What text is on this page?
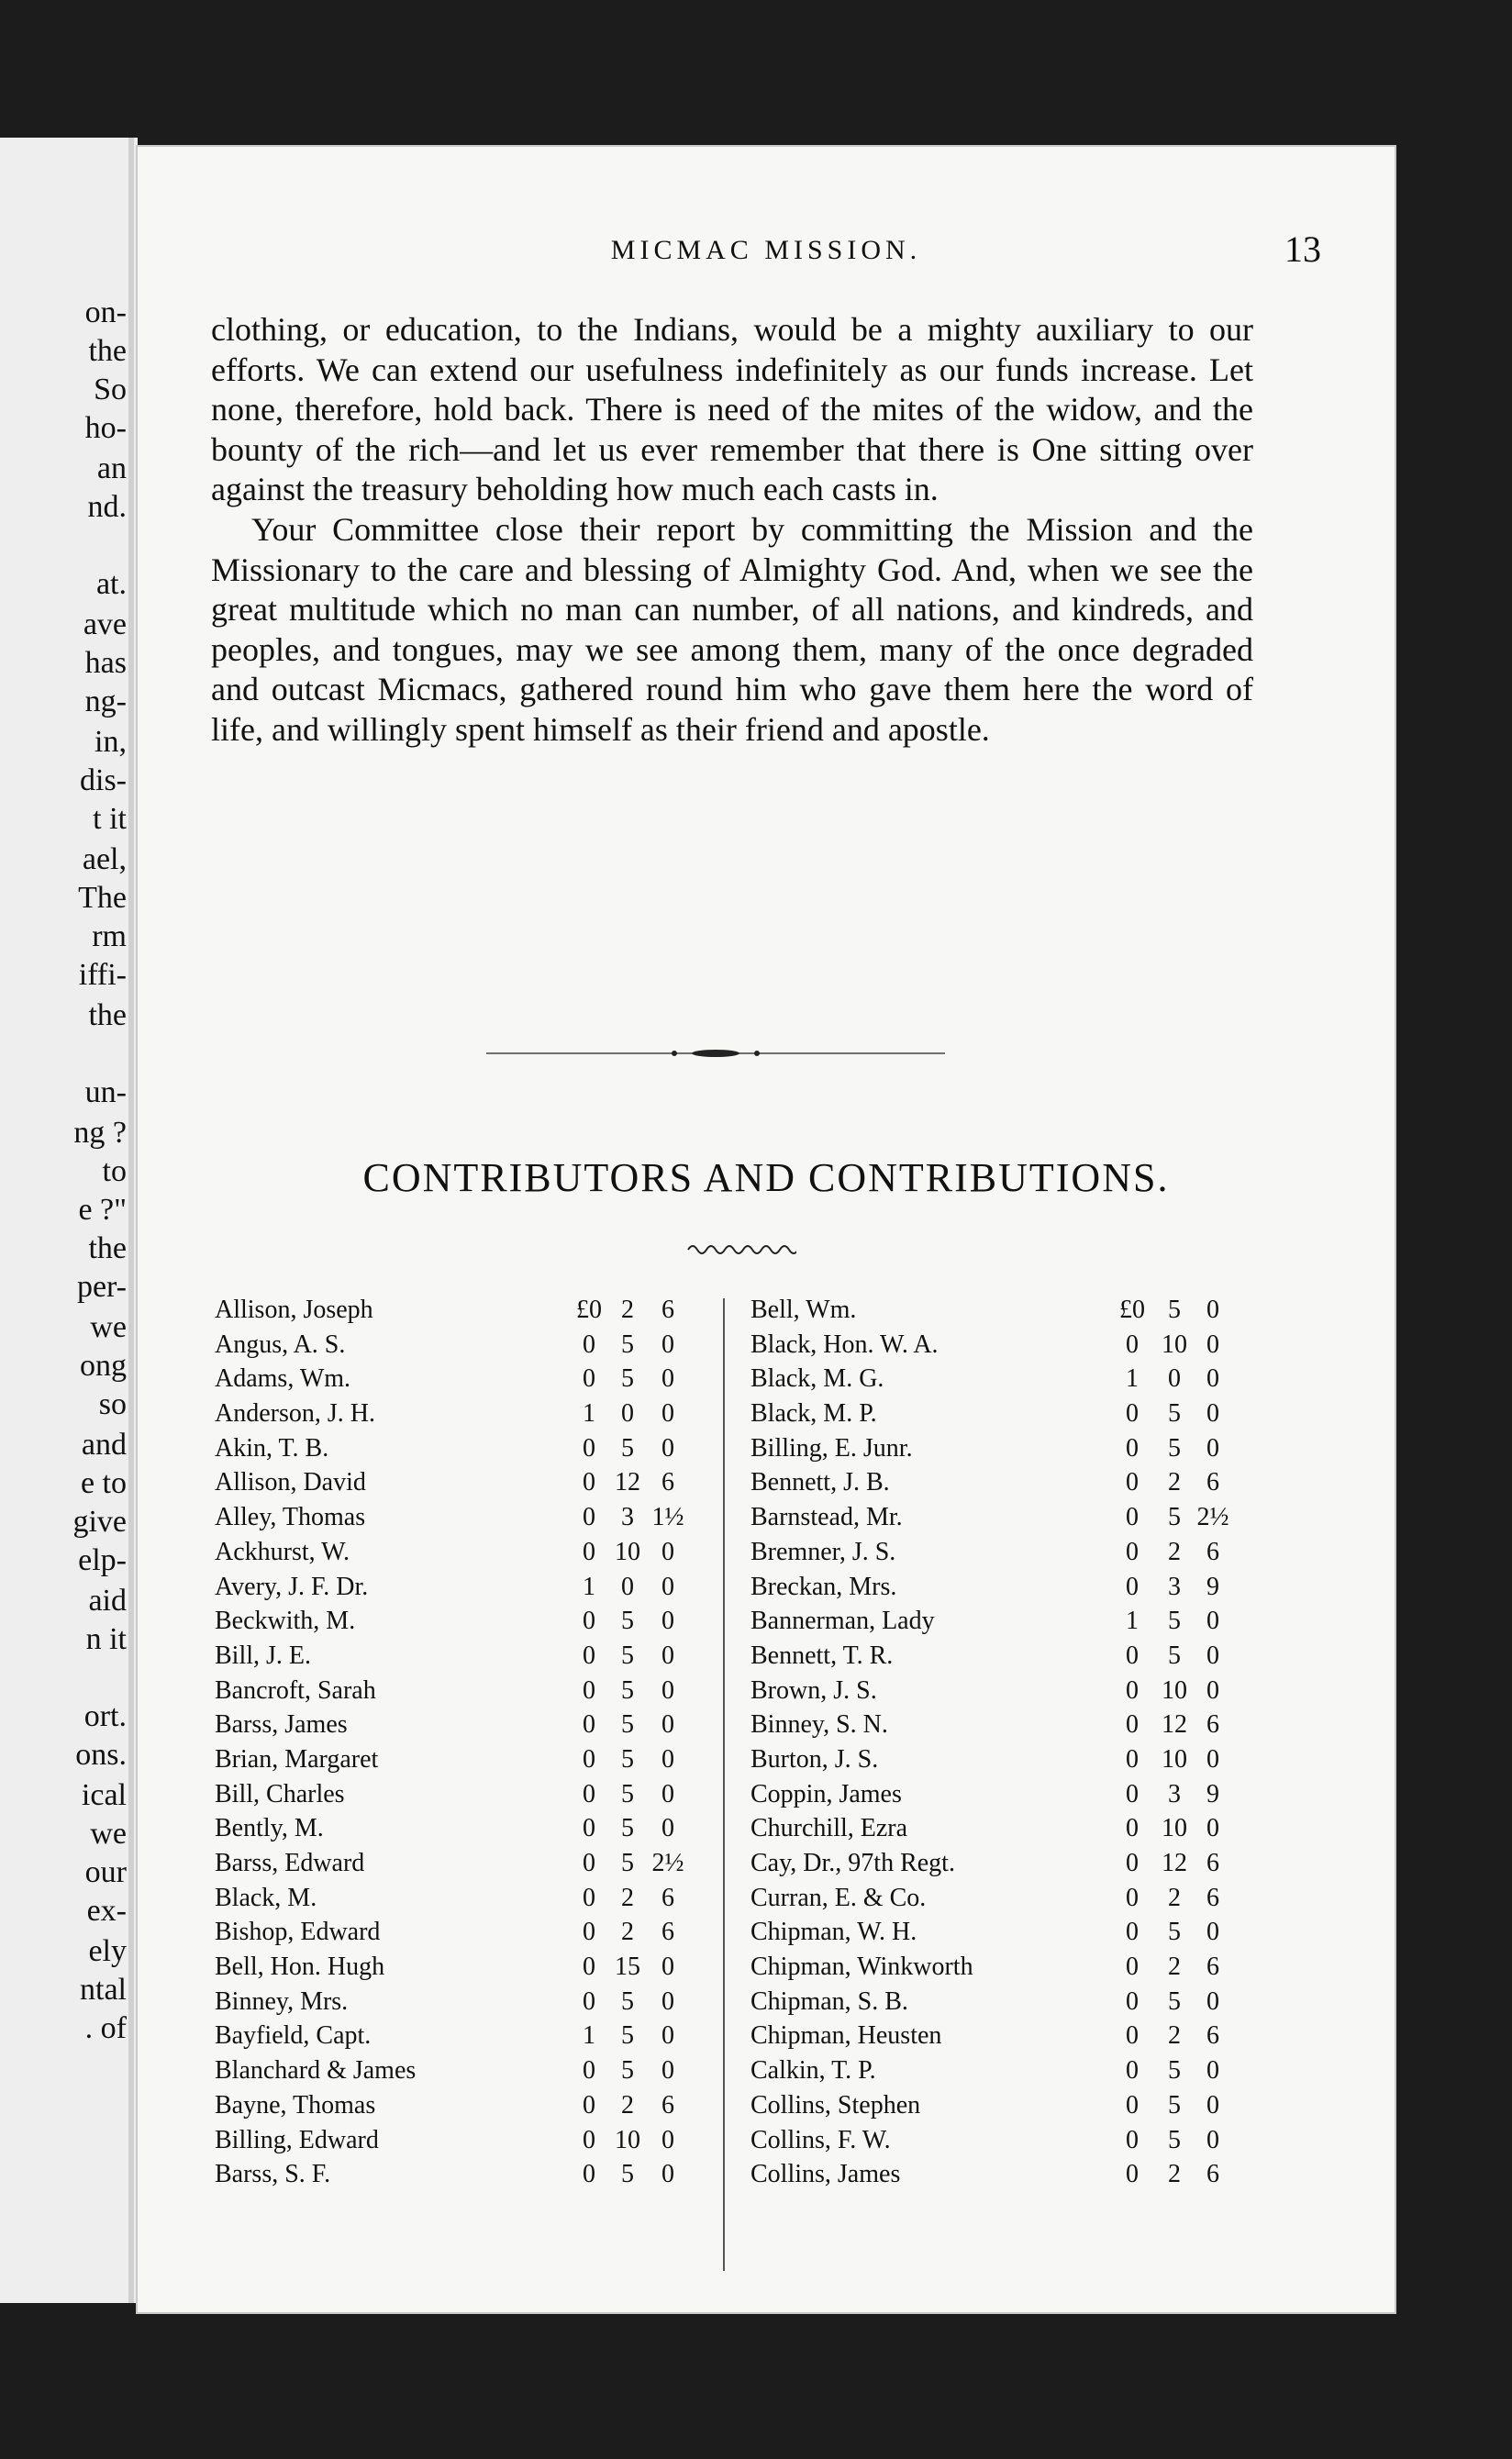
on-
the
So
ho-
an
nd.
at.
ave
has
ng-
in,
dis-
t it
ael,
The
rm
iffi-
the
un-
ng ?
to
e ?"
the
per-
we
ong
so
and
e to
give
elp-
aid
n it
ort.
ons.
ical
we
our
ex-
ely
ntal
. of
MICMAC MISSION.	13

clothing, or education, to the Indians, would be a mighty auxiliary to our efforts. We can extend our usefulness indefinitely as our funds increase. Let none, therefore, hold back. There is need of the mites of the widow, and the bounty of the rich—and let us ever remember that there is One sitting over against the treasury beholding how much each casts in.

Your Committee close their report by committing the Mission and the Missionary to the care and blessing of Almighty God. And, when we see the great multitude which no man can number, of all nations, and kindreds, and peoples, and tongues, may we see among them, many of the once degraded and outcast Micmacs, gathered round him who gave them here the word of life, and willingly spent himself as their friend and apostle.

CONTRIBUTORS AND CONTRIBUTIONS.
Allison, Joseph	£0 2	6
Angus, A. S.	0	5	0
Adams, Wm.	0	5	0
Anderson, J. H.	1	0	0
Akin, T. B.	0	5	0
Allison, David	0 12 6
Alley, Thomas	0	3 1½
Ackhurst, W.	0 10 0
Avery, J. F. Dr.	1	0	0
Beckwith, M.	0	5	0
Bill, J. E.	0	5	0
Bancroft, Sarah	0	5	0
Barss, James	0	5	0
Brian, Margaret	0	5	0
Bill, Charles	0	5	0
Bently, M.	0	5	0
Barss, Edward	0	5 2½
Black, M.	0	2	6
Bishop, Edward	0	2	6
Bell, Hon. Hugh	0 15 0
Binney, Mrs.	0	5	0
Bayfield, Capt.	1	5	0
Blanchard & James	0	5	0
Bayne, Thomas	0	2	6
Billing, Edward	0 10 0
Barss, S. F.	0	5	0
Bell, Wm.	£0 5	0
Black, Hon. W. A.	0 10 0
Black, M. G.	1	0	0
Black, M. P.	0	5	0
Billing, E. Junr.	0	5	0
Bennett, J. B.	0	2	6
Barnstead, Mr.	0	5 2½
Bremner, J. S.	0	2	6
Breckan, Mrs.	0	3	9
Bannerman, Lady	1	5	0
Bennett, T. R.	0	5	0
Brown, J. S.	0 10 0
Binney, S. N.	0 12 6
Burton, J. S.	0 10 0
Coppin, James	0	3	9
Churchill, Ezra	0 10 0
Cay, Dr., 97th Regt.	0 12 6
Curran, E. & Co.	0	2	6
Chipman, W. H.	0	5	0
Chipman, Winkworth	0	2	6
Chipman, S. B.	0	5	0
Chipman, Heusten	0	2	6
Calkin, T. P.	0	5	0
Collins, Stephen	0	5	0
Collins, F. W.	0	5	0
Collins, James	0	2	6
